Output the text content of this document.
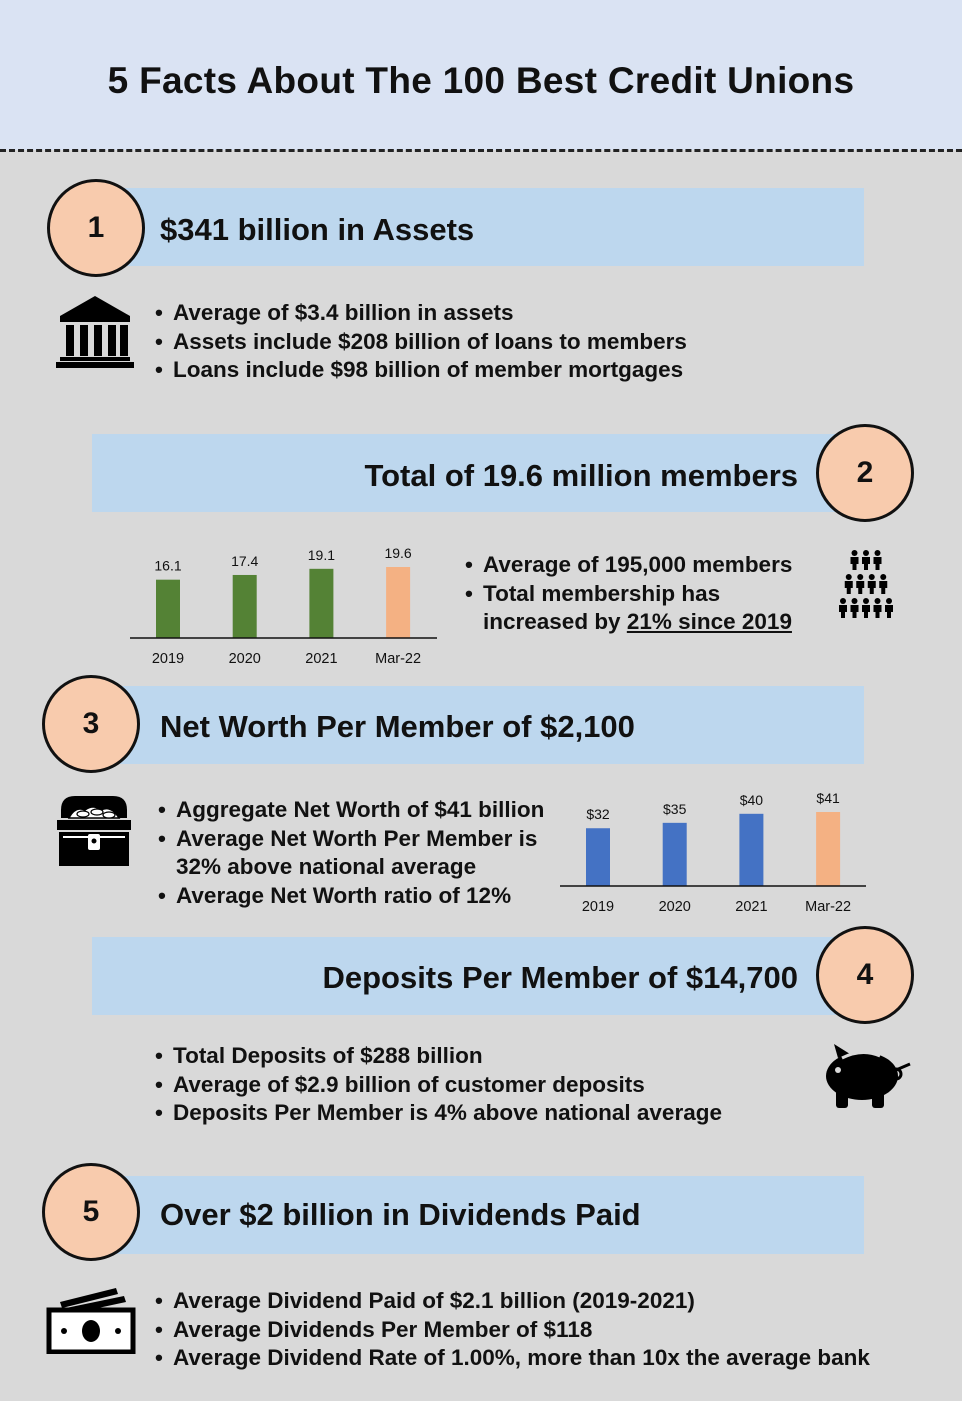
5 Facts About The 100 Best Credit Unions
$341 billion in Assets
1
• Average of $3.4 billion in assets
• Assets include $208 billion of loans to members
• Loans include $98 billion of member mortgages
Total of 19.6 million members 2
16.1	17.4	19.1	19.6
2019	2020	2021	Mar-22
• Average of 195,000 members
• Total membership has
increased by 21% since 2019
Net Worth Per Member of $2,100
3
• Aggregate Net Worth of $41 billion
• Average Net Worth Per Member is
32% above national average
• Average Net Worth ratio of 12%
$32	$35
$40	$41
2019	2020	2021	Mar-22
Deposits Per Member of $14,700 4
• Total Deposits of $288 billion
• Average of $2.9 billion of customer deposits
• Deposits Per Member is 4% above national average
Over $2 billion in Dividends Paid
5
• Average Dividend Paid of $2.1 billion (2019-2021)
• Average Dividends Per Member of $118
• Average Dividend Rate of 1.00%, more than 10x the average bank
